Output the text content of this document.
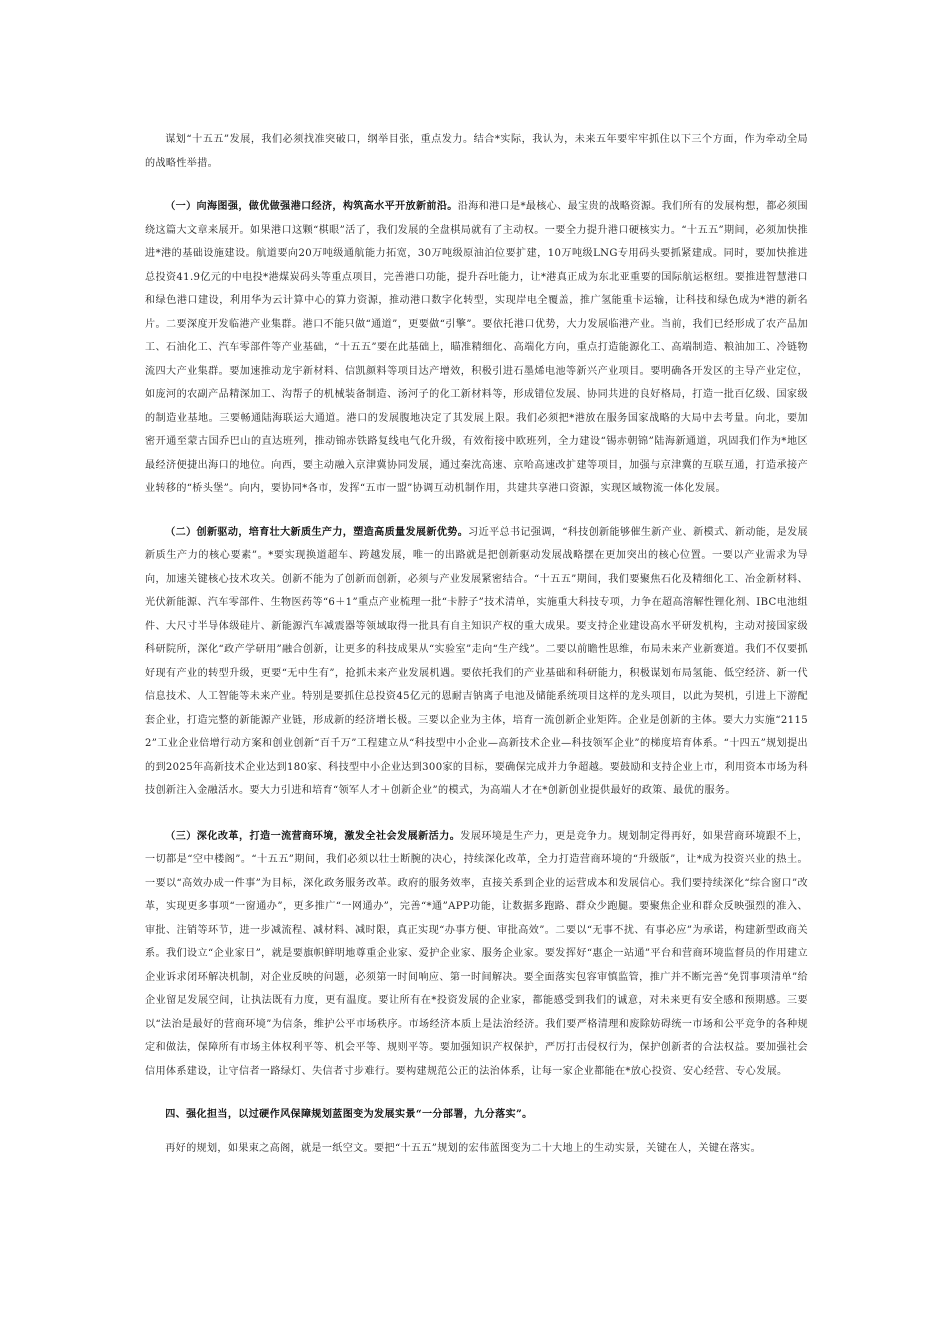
谋划“十五五”发展，我们必须找准突破口，纲举目张，重点发力。结合*实际，我认为，未来五年要牢牢抓住以下三个方面，作为牵动全局的战略性举措。

（一）向海图强，做优做强港口经济，构筑高水平开放新前沿。沿海和港口是*最核心、最宝贵的战略资源。我们所有的发展构想，都必须围绕这篇大文章来展开。如果港口这颗“棋眼”活了，我们发展的全盘棋局就有了主动权。一要全力提升港口硬核实力。“十五五”期间，必须加快推进*港的基础设施建设。航道要向20万吨级通航能力拓宽，30万吨级原油泊位要扩建，10万吨级LNG专用码头要抓紧建成。同时，要加快推进总投资41.9亿元的中电投*港煤炭码头等重点项目，完善港口功能，提升吞吐能力，让*港真正成为东北亚重要的国际航运枢纽。要推进智慧港口和绿色港口建设，利用华为云计算中心的算力资源，推动港口数字化转型，实现岸电全覆盖，推广氢能重卡运输，让科技和绿色成为*港的新名片。二要深度开发临港产业集群。港口不能只做“通道”，更要做“引擎”。要依托港口优势，大力发展临港产业。当前，我们已经形成了农产品加工、石油化工、汽车零部件等产业基础，“十五五”要在此基础上，瞄准精细化、高端化方向，重点打造能源化工、高端制造、粮油加工、冷链物流四大产业集群。要加速推动龙宇新材料、信凯颜料等项目达产增效，积极引进石墨烯电池等新兴产业项目。要明确各开发区的主导产业定位，如庞河的农副产品精深加工、沟帮子的机械装备制造、汤河子的化工新材料等，形成错位发展、协同共进的良好格局，打造一批百亿级、国家级的制造业基地。三要畅通陆海联运大通道。港口的发展腹地决定了其发展上限。我们必须把*港放在服务国家战略的大局中去考量。向北，要加密开通至蒙古国乔巴山的直达班列，推动锦赤铁路复线电气化升级，有效衔接中欧班列，全力建设“锡赤朝锦”陆海新通道，巩固我们作为*地区最经济便捷出海口的地位。向西，要主动融入京津冀协同发展，通过秦沈高速、京哈高速改扩建等项目，加强与京津冀的互联互通，打造承接产业转移的“桥头堡”。向内，要协同*各市，发挥“五市一盟”协调互动机制作用，共建共享港口资源，实现区域物流一体化发展。

（二）创新驱动，培育壮大新质生产力，塑造高质量发展新优势。习近平总书记强调，“科技创新能够催生新产业、新模式、新动能，是发展新质生产力的核心要素”。*要实现换道超车、跨越发展，唯一的出路就是把创新驱动发展战略摆在更加突出的核心位置。一要以产业需求为导向，加速关键核心技术攻关。创新不能为了创新而创新，必须与产业发展紧密结合。“十五五”期间，我们要聚焦石化及精细化工、冶金新材料、光伏新能源、汽车零部件、生物医药等“6＋1”重点产业梳理一批“卡脖子”技术清单，实施重大科技专项，力争在超高溶解性锂化剂、IBC电池组件、大尺寸半导体级硅片、新能源汽车减震器等领域取得一批具有自主知识产权的重大成果。要支持企业建设高水平研发机构，主动对接国家级科研院所，深化“政产学研用”融合创新，让更多的科技成果从“实验室”走向“生产线”。二要以前瞻性思维，布局未来产业新赛道。我们不仅要抓好现有产业的转型升级，更要“无中生有”，抢抓未来产业发展机遇。要依托我们的产业基础和科研能力，积极谋划布局氢能、低空经济、新一代信息技术、人工智能等未来产业。特别是要抓住总投资45亿元的恩耐吉钠离子电池及储能系统项目这样的龙头项目，以此为契机，引进上下游配套企业，打造完整的新能源产业链，形成新的经济增长极。三要以企业为主体，培育一流创新企业矩阵。企业是创新的主体。要大力实施“21152”工业企业倍增行动方案和创业创新“百千万”工程建立从“科技型中小企业—高新技术企业—科技领军企业”的梯度培育体系。“十四五”规划提出的到2025年高新技术企业达到180家、科技型中小企业达到300家的目标，要确保完成并力争超越。要鼓励和支持企业上市，利用资本市场为科技创新注入金融活水。要大力引进和培育“领军人才＋创新企业”的模式，为高端人才在*创新创业提供最好的政策、最优的服务。

（三）深化改革，打造一流营商环境，激发全社会发展新活力。发展环境是生产力，更是竞争力。规划制定得再好，如果营商环境跟不上，一切都是“空中楼阁”。“十五五”期间，我们必须以壮士断腕的决心，持续深化改革，全力打造营商环境的“升级版”，让*成为投资兴业的热土。一要以“高效办成一件事”为目标，深化政务服务改革。政府的服务效率，直接关系到企业的运营成本和发展信心。我们要持续深化“综合窗口”改革，实现更多事项“一窗通办”，更多推广“一网通办”，完善“*通”APP功能，让数据多跑路、群众少跑腿。要聚焦企业和群众反映强烈的准入、审批、注销等环节，进一步减流程、减材料、减时限，真正实现“办事方便、审批高效”。二要以“无事不扰、有事必应”为承诺，构建新型政商关系。我们设立“企业家日”，就是要旗帜鲜明地尊重企业家、爱护企业家、服务企业家。要发挥好“惠企一站通”平台和营商环境监督员的作用建立企业诉求闭环解决机制，对企业反映的问题，必须第一时间响应、第一时间解决。要全面落实包容审慎监管，推广并不断完善“免罚事项清单”给企业留足发展空间，让执法既有力度，更有温度。要让所有在*投资发展的企业家，都能感受到我们的诚意，对未来更有安全感和预期感。三要以“法治是最好的营商环境”为信条，维护公平市场秩序。市场经济本质上是法治经济。我们要严格清理和废除妨碍统一市场和公平竞争的各种规定和做法，保障所有市场主体权利平等、机会平等、规则平等。要加强知识产权保护，严厉打击侵权行为，保护创新者的合法权益。要加强社会信用体系建设，让守信者一路绿灯、失信者寸步难行。要构建规范公正的法治体系，让每一家企业都能在*放心投资、安心经营、专心发展。

四、强化担当，以过硬作风保障规划蓝图变为发展实景“一分部署，九分落实”。

再好的规划，如果束之高阁，就是一纸空文。要把“十五五”规划的宏伟蓝图变为二十大地上的生动实景，关键在人，关键在落实。
